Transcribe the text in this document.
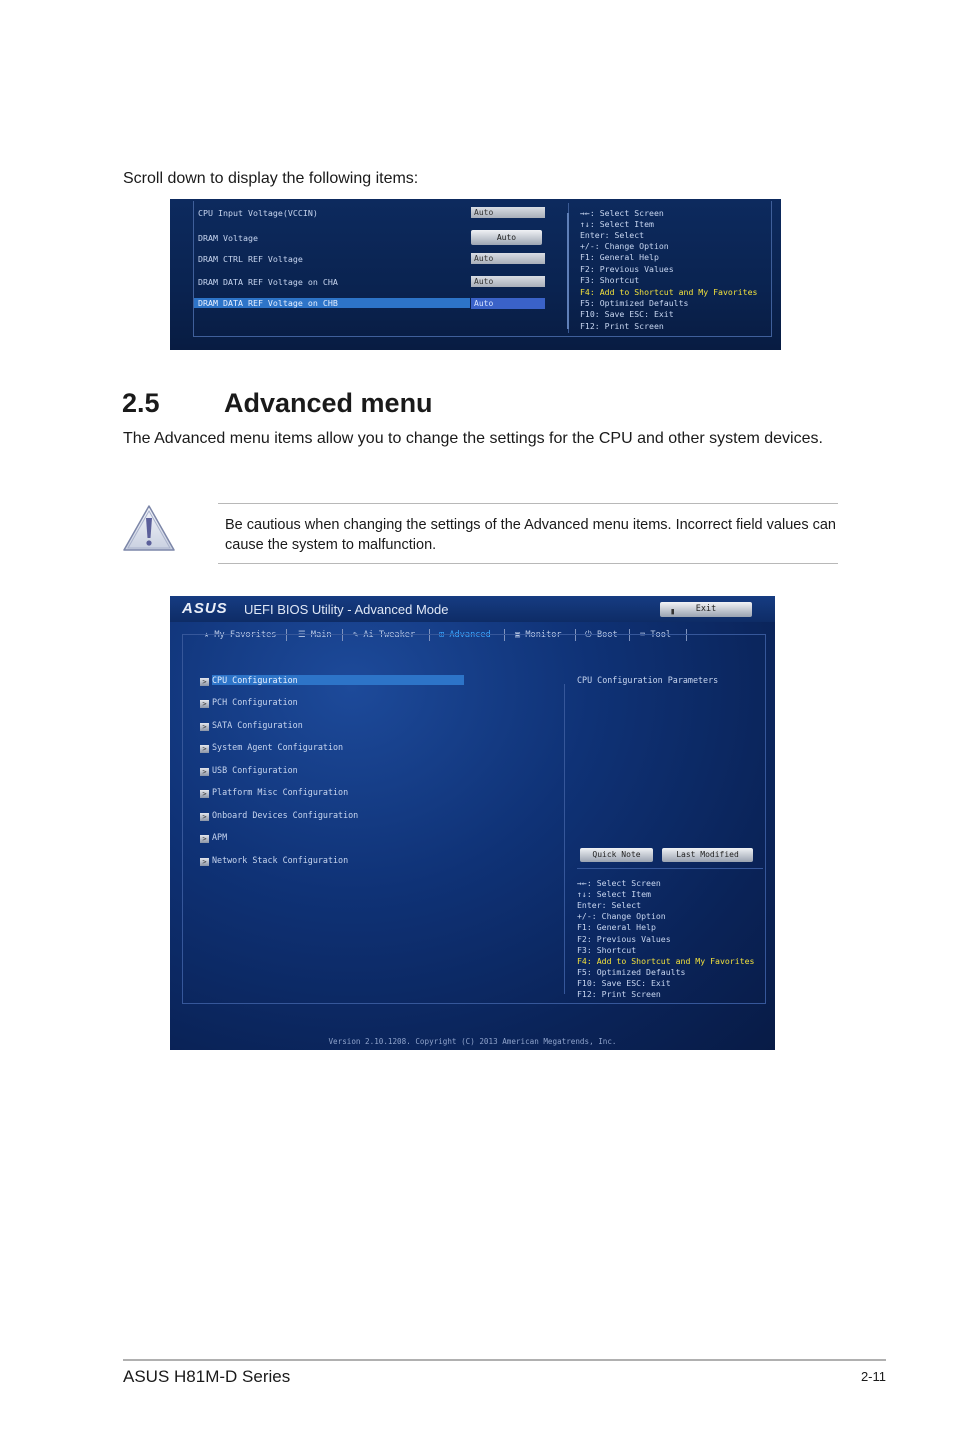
Scroll down to display the following items:
CPU Input Voltage(VCCIN)	Auto
DRAM Voltage	Auto
DRAM CTRL REF Voltage	Auto
DRAM DATA REF Voltage on CHA	Auto
DRAM DATA REF Voltage on CHB	Auto
→←: Select Screen
↑↓: Select Item
Enter: Select
+/-: Change Option
F1: General Help
F2: Previous Values
F3: Shortcut
F4: Add to Shortcut and My Favorites
F5: Optimized Defaults
F10: Save ESC: Exit
F12: Print Screen
2.5 Advanced menu
The Advanced menu items allow you to change the settings for the CPU and other system devices.
Be cautious when changing the settings of the Advanced menu items. Incorrect field values can cause the system to malfunction.
ASUS UEFI BIOS Utility - Advanced Mode	▮ Exit
★ My Favorites	☰ Main ✎ Ai Tweaker	⊞ Advanced	▣ Monitor	⏻ Boot	⌨ Tool
> CPU Configuration
> PCH Configuration
> SATA Configuration
> System Agent Configuration
> USB Configuration
> Platform Misc Configuration
> Onboard Devices Configuration
> APM
> Network Stack Configuration
CPU Configuration Parameters
Quick Note	Last Modified
→←: Select Screen
↑↓: Select Item
Enter: Select
+/-: Change Option
F1: General Help
F2: Previous Values
F3: Shortcut
F4: Add to Shortcut and My Favorites
F5: Optimized Defaults
F10: Save ESC: Exit
F12: Print Screen
Version 2.10.1208. Copyright (C) 2013 American Megatrends, Inc.
ASUS H81M-D Series	2-11
